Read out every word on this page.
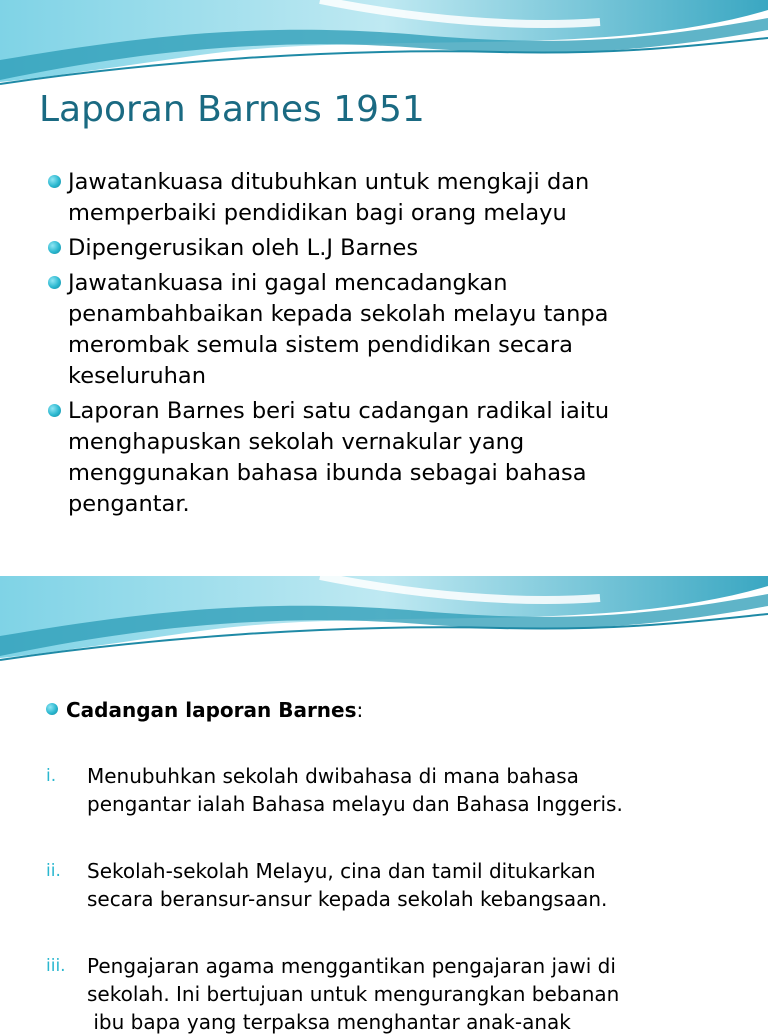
Laporan Barnes 1951
Jawatankuasa ditubuhkan untuk mengkaji dan
memperbaiki pendidikan bagi orang melayu
Dipengerusikan oleh L.J Barnes
Jawatankuasa ini gagal mencadangkan
penambahbaikan kepada sekolah melayu tanpa
merombak semula sistem pendidikan secara
keseluruhan
Laporan Barnes beri satu cadangan radikal iaitu
menghapuskan sekolah vernakular yang
menggunakan bahasa ibunda sebagai bahasa
pengantar.
Cadangan laporan Barnes:
i. Menubuhkan sekolah dwibahasa di mana bahasa
pengantar ialah Bahasa melayu dan Bahasa Inggeris.
ii. Sekolah-sekolah Melayu, cina dan tamil ditukarkan
secara beransur-ansur kepada sekolah kebangsaan.
iii. Pengajaran agama menggantikan pengajaran jawi di
sekolah. Ini bertujuan untuk mengurangkan bebanan
ibu bapa yang terpaksa menghantar anak-anak
